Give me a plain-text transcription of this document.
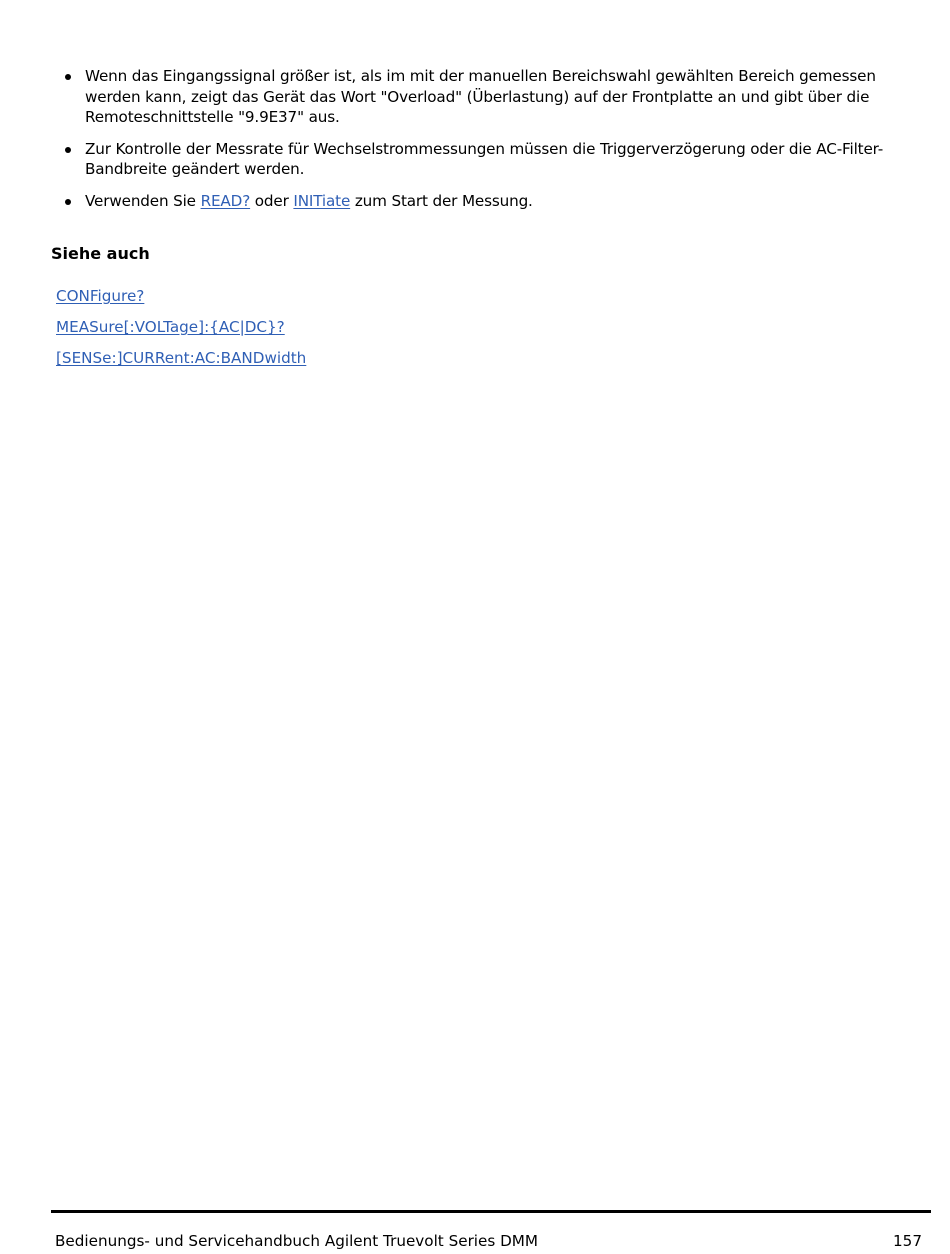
Wenn das Eingangssignal größer ist, als im mit der manuellen Bereichswahl gewählten Bereich gemessen werden kann, zeigt das Gerät das Wort "Overload" (Überlastung) auf der Frontplatte an und gibt über die Remoteschnittstelle "9.9E37" aus.
Zur Kontrolle der Messrate für Wechselstrommessungen müssen die Triggerverzögerung oder die AC-Filter-Bandbreite geändert werden.
Verwenden Sie READ? oder INITiate zum Start der Messung.
Siehe auch
CONFigure?
MEASure[:VOLTage]:{AC|DC}?
[SENSe:]CURRent:AC:BANDwidth
Bedienungs- und Servicehandbuch Agilent Truevolt Series DMM	157
